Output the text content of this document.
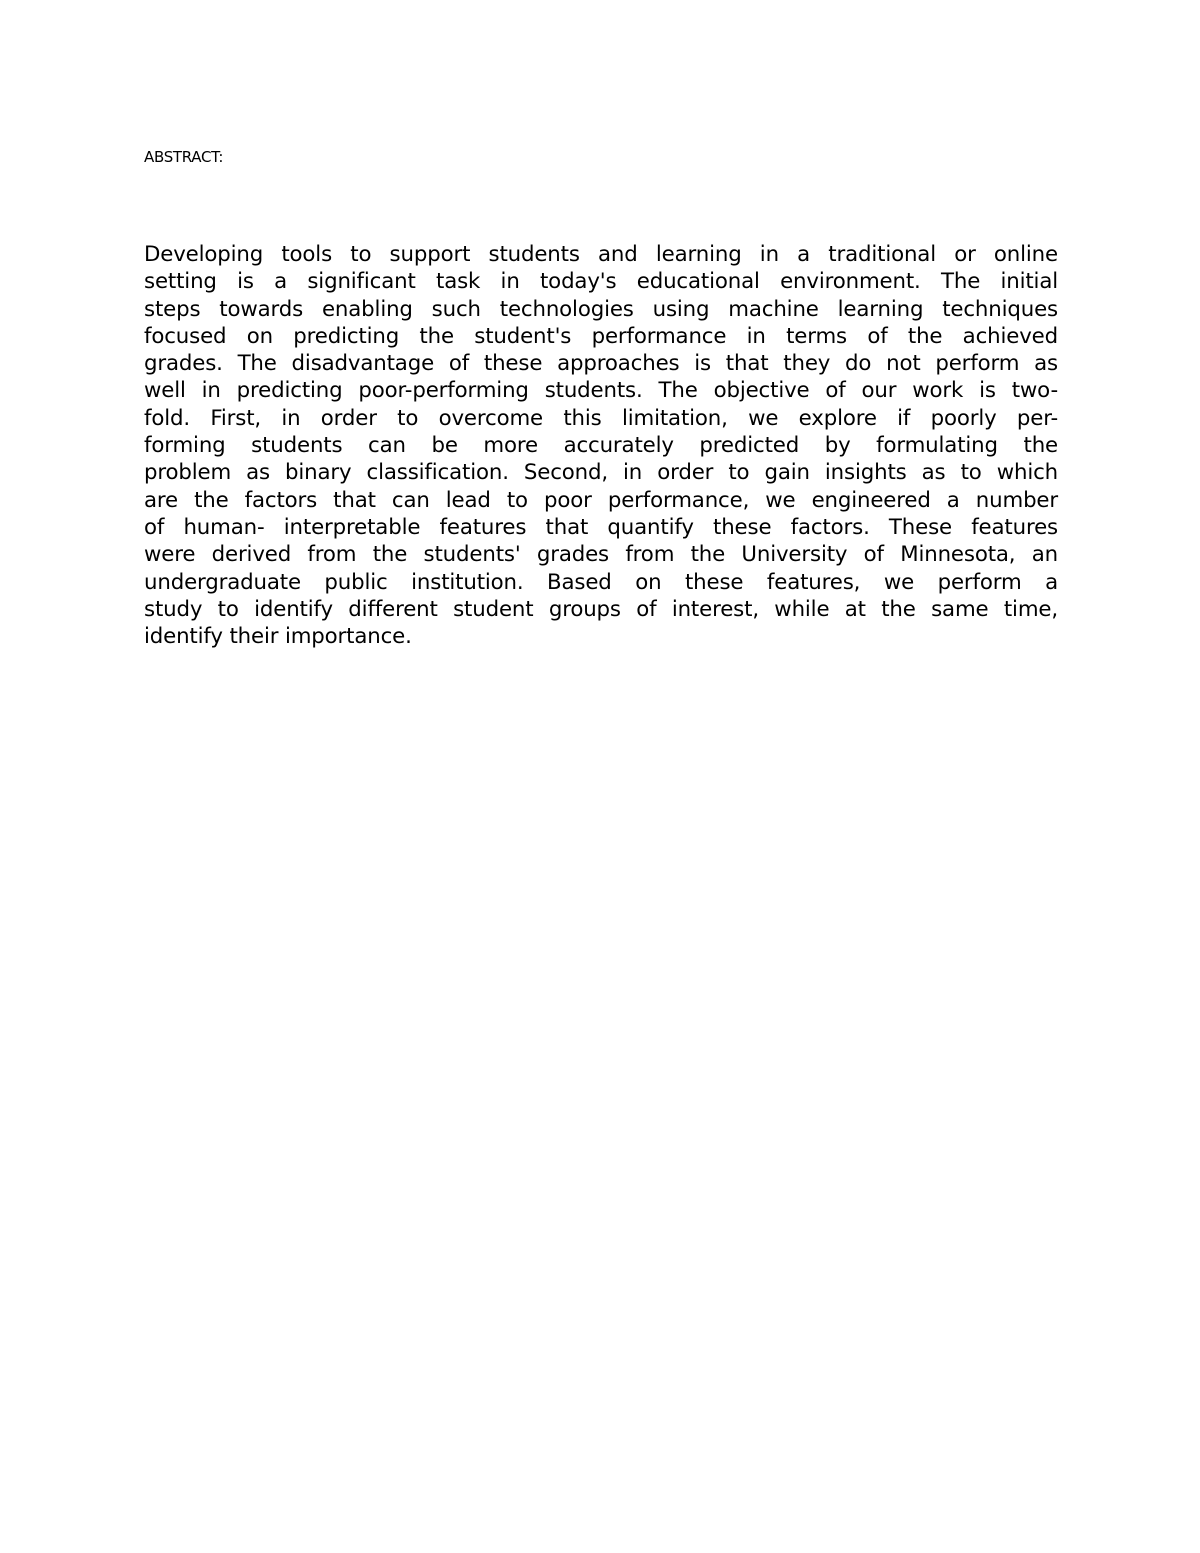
ABSTRACT:

Developing tools to support students and learning in a traditional or online
setting is a significant task in today's educational environment. The initial
steps towards enabling such technologies using machine learning techniques
focused on predicting the student's performance in terms of the achieved
grades. The disadvantage of these approaches is that they do not perform as
well in predicting poor-performing students. The objective of our work is two-
fold. First, in order to overcome this limitation, we explore if poorly per-
forming students can be more accurately predicted by formulating the
problem as binary classification. Second, in order to gain insights as to which
are the factors that can lead to poor performance, we engineered a number
of human- interpretable features that quantify these factors. These features
were derived from the students' grades from the University of Minnesota, an
undergraduate public institution. Based on these features, we perform a
study to identify different student groups of interest, while at the same time,
identify their importance.
